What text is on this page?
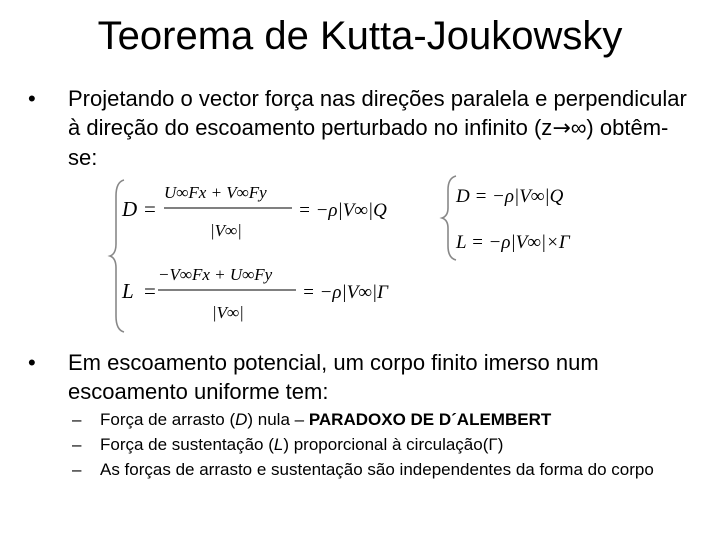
Teorema de Kutta-Joukowsky
• Projetando o vector força nas direções paralela e perpendicular à direção do escoamento perturbado no infinito (z→∞) obtêm-se:
D =
U∞Fx + V∞Fy
|V∞|
= −ρ|V∞|Q
L =
−V∞Fx + U∞Fy
|V∞|
= −ρ|V∞|Γ
D = −ρ|V∞|Q
L = −ρ|V∞|×Γ
• Em escoamento potencial, um corpo finito imerso num escoamento uniforme tem:
– Força de arrasto (D) nula – PARADOXO DE D´ALEMBERT
– Força de sustentação (L) proporcional à circulação(Γ)
– As forças de arrasto e sustentação são independentes da forma do corpo
